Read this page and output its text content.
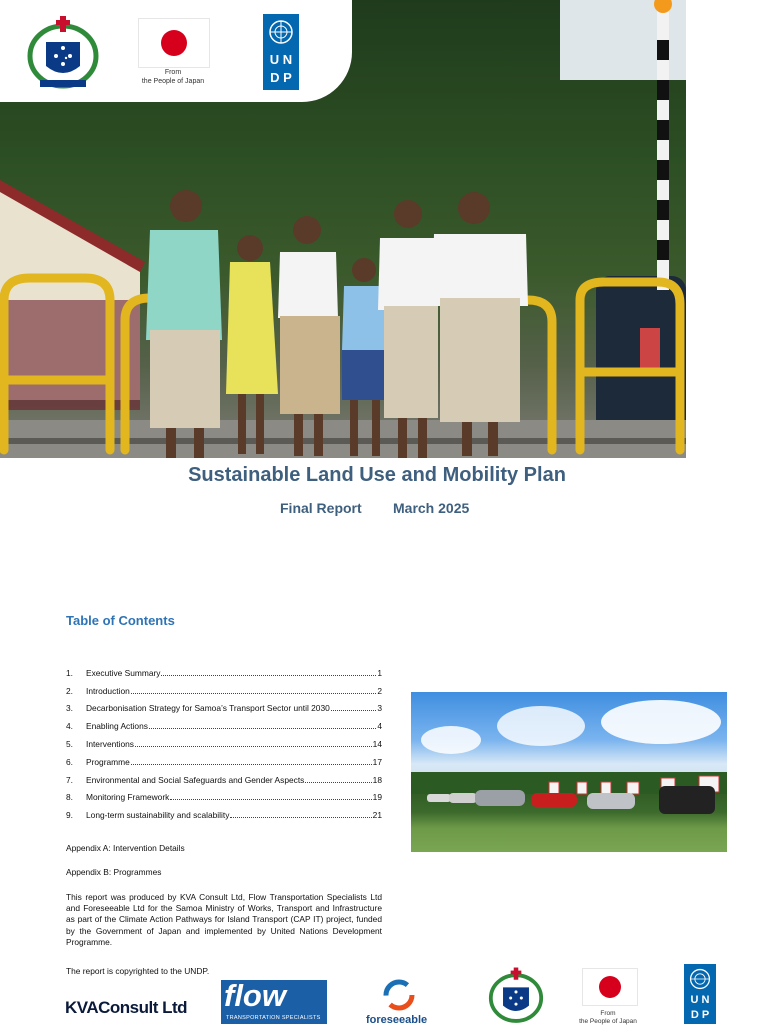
From
the People of Japan
U N
D P
Sustainable Land Use and Mobility Plan
Final Report March 2025
Table of Contents
1.	Executive Summary	1
2.	Introduction	2
3.	Decarbonisation Strategy for Samoa’s Transport Sector until 2030	3
4.	Enabling Actions	4
5.	Interventions	14
6.	Programme	17
7.	Environmental and Social Safeguards and Gender Aspects	18
8.	Monitoring Framework	19
9.	Long-term sustainability and scalability	21
Appendix A: Intervention Details
Appendix B: Programmes
This report was produced by KVA Consult Ltd, Flow Transportation Specialists Ltd and Foreseeable Ltd for the Samoa Ministry of Works, Transport and Infrastructure as part of the Climate Action Pathways for Island Transport (CAP IT) project, funded by the Government of Japan and implemented by United Nations Development Programme.
The report is copyrighted to the UNDP.
KVAConsult Ltd flow
TRANSPORTATION SPECIALISTS	foreseeable
From
the People of Japan
U N
D P
